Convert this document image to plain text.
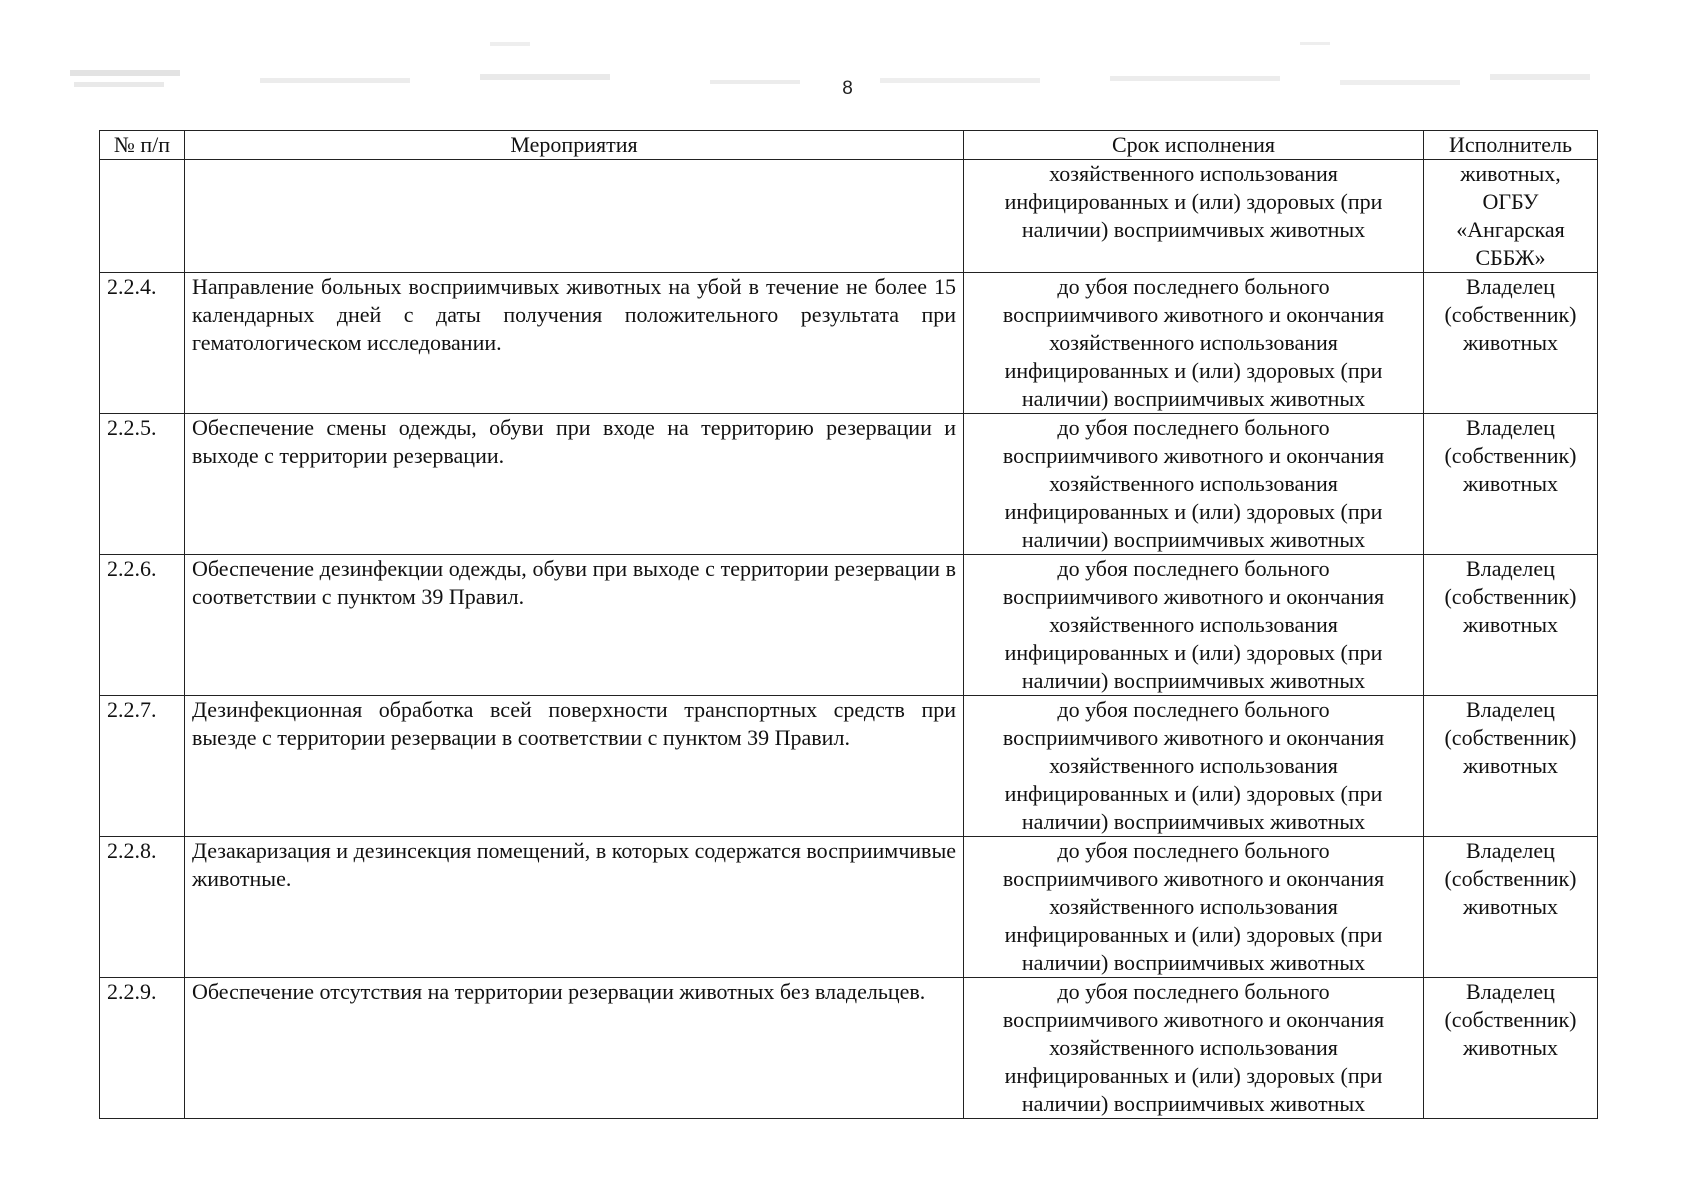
8
№ п/п	Мероприятия	Срок исполнения	Исполнитель

		хозяйственного использования
инфицированных и (или) здоровых (при
наличии) восприимчивых животных	животных,
ОГБУ
«Ангарская
СББЖ»

2.2.4.	Направление больных восприимчивых животных на убой в течение не более 15 календарных дней с даты получения положительного результата при гематологическом исследовании.	до убоя последнего больного
восприимчивого животного и окончания
хозяйственного использования
инфицированных и (или) здоровых (при
наличии) восприимчивых животных	Владелец
(собственник)
животных

2.2.5.	Обеспечение смены одежды, обуви при входе на территорию резервации и выходе с территории резервации.	до убоя последнего больного
восприимчивого животного и окончания
хозяйственного использования
инфицированных и (или) здоровых (при
наличии) восприимчивых животных	Владелец
(собственник)
животных

2.2.6.	Обеспечение дезинфекции одежды, обуви при выходе с территории резервации в соответствии с пунктом 39 Правил.	до убоя последнего больного
восприимчивого животного и окончания
хозяйственного использования
инфицированных и (или) здоровых (при
наличии) восприимчивых животных	Владелец
(собственник)
животных

2.2.7.	Дезинфекционная обработка всей поверхности транспортных средств при выезде с территории резервации в соответствии с пунктом 39 Правил.	до убоя последнего больного
восприимчивого животного и окончания
хозяйственного использования
инфицированных и (или) здоровых (при
наличии) восприимчивых животных	Владелец
(собственник)
животных

2.2.8.	Дезакаризация и дезинсекция помещений, в которых содержатся восприимчивые животные.	до убоя последнего больного
восприимчивого животного и окончания
хозяйственного использования
инфицированных и (или) здоровых (при
наличии) восприимчивых животных	Владелец
(собственник)
животных

2.2.9.	Обеспечение отсутствия на территории резервации животных без владельцев.	до убоя последнего больного
восприимчивого животного и окончания
хозяйственного использования
инфицированных и (или) здоровых (при
наличии) восприимчивых животных	Владелец
(собственник)
животных
